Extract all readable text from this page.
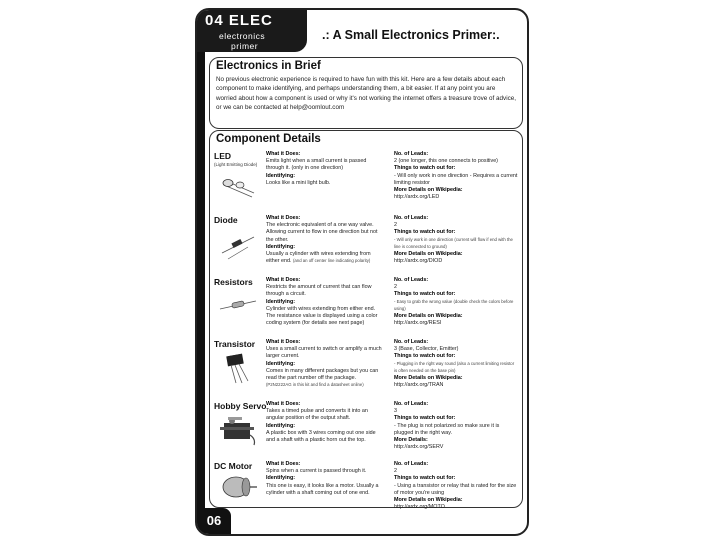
04 ELEC
electronics
primer
.: A Small Electronics Primer:.
Electronics in Brief

No previous electronic experience is required to have fun with this kit. Here are a few details about each component to make identifying, and perhaps understanding them, a bit easier. If at any point you are worried about how a component is used or why it's not working the internet offers a treasure trove of advice, or we can be contacted at help@oomlout.com

Component Details
LED
(Light Emitting Diode)
What it Does:
Emits light when a small current is passed through it. (only in one direction)
Identifying:
Looks like a mini light bulb.
No. of Leads:
2 (one longer, this one connects to positive)
Things to watch out for:
- Will only work in one direction - Requires a current limiting resistor
More Details on Wikipedia:
http://ardx.org/LED
Diode	What it Does:
The electronic equivalent of a one way valve. Allowing current to flow in one direction but not the other.
Identifying:
Usually a cylinder with wires extending from either end. (and an off center line indicating polarity)
No. of Leads:
2
Things to watch out for:
- Will only work in one direction (current will flow if end with the line is connected to ground)
More Details on Wikipedia:
http://ardx.org/DIOD
Resistors What it Does:
Restricts the amount of current that can flow through a circuit.
Identifying:
Cylinder with wires extending from either end. The resistance value is displayed using a color coding system (for details see next page)
No. of Leads:
2
Things to watch out for:
- Easy to grab the wrong value (double check the colors before using)
More Details on Wikipedia:
http://ardx.org/RESI
Transistor What it Does:
Uses a small current to switch or amplify a much larger current.
Identifying:
Comes in many different packages but you can read the part number off the package.
(P2N2222AG in this kit and find a datasheet online)
No. of Leads:
3 (Base, Collector, Emitter)
Things to watch out for:
- Plugging in the right way round (also a current limiting resistor is often needed on the base pin)
More Details on Wikipedia:
http://ardx.org/TRAN
Hobby Servo What it Does:
Takes a timed pulse and converts it into an angular position of the output shaft.
Identifying:
A plastic box with 3 wires coming out one side and a shaft with a plastic horn out the top.
No. of Leads:
3
Things to watch out for:
- The plug is not polarized so make sure it is plugged in the right way.
More Details:
http://ardx.org/SERV
DC Motor	What it Does:
Spins when a current is passed through it.
Identifying:
This one is easy, it looks like a motor. Usually a cylinder with a shaft coming out of one end.
No. of Leads:
2
Things to watch out for:
- Using a transistor or relay that is rated for the size of motor you're using
More Details on Wikipedia:
http://ardx.org/MOTO
06
